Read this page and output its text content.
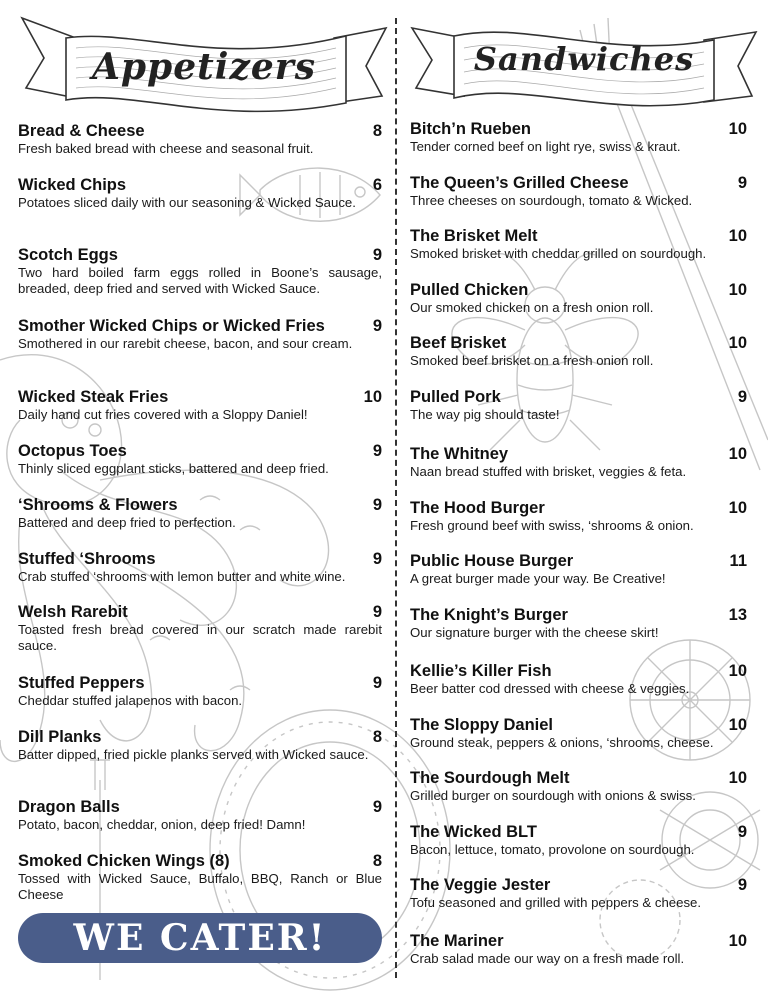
Appetizers	Sandwiches
Bread & Cheese	8
Fresh baked bread with cheese and seasonal fruit.
Wicked Chips	6
Potatoes sliced daily with our seasoning & Wicked Sauce.
Scotch Eggs	9
Two hard boiled farm eggs rolled in Boone’s sausage, breaded, deep fried and served with Wicked Sauce.
Smother Wicked Chips or Wicked Fries	9
Smothered in our rarebit cheese, bacon, and sour cream.
Wicked Steak Fries	10
Daily hand cut fries covered with a Sloppy Daniel!
Octopus Toes	9
Thinly sliced eggplant sticks, battered and deep fried.
‘Shrooms & Flowers	9
Battered and deep fried to perfection.
Stuffed ‘Shrooms	9
Crab stuffed ‘shrooms with lemon butter and white wine.
Welsh Rarebit	9
Toasted fresh bread covered in our scratch made rarebit sauce.
Stuffed Peppers	9
Cheddar stuffed jalapenos with bacon.
Dill Planks	8
Batter dipped, fried pickle planks served with Wicked sauce.
Dragon Balls	9
Potato, bacon, cheddar, onion, deep fried! Damn!
Smoked Chicken Wings (8)	8
Tossed with Wicked Sauce, Buffalo, BBQ, Ranch or Blue Cheese
Bitch’n Rueben	10
Tender corned beef on light rye, swiss & kraut.
The Queen’s Grilled Cheese	9
Three cheeses on sourdough, tomato & Wicked.
The Brisket Melt	10
Smoked brisket with cheddar grilled on sourdough.
Pulled Chicken	10
Our smoked chicken on a fresh onion roll.
Beef Brisket	10
Smoked beef brisket on a fresh onion roll.
Pulled Pork	9
The way pig should taste!
The Whitney	10
Naan bread stuffed with brisket, veggies & feta.
The Hood Burger	10
Fresh ground beef with swiss, ‘shrooms & onion.
Public House Burger	11
A great burger made your way. Be Creative!
The Knight’s Burger	13
Our signature burger with the cheese skirt!
Kellie’s Killer Fish	10
Beer batter cod dressed with cheese & veggies.
The Sloppy Daniel	10
Ground steak, peppers & onions, ‘shrooms, cheese.
The Sourdough Melt	10
Grilled burger on sourdough with onions & swiss.
The Wicked BLT	9
Bacon, lettuce, tomato, provolone on sourdough.
The Veggie Jester	9
Tofu seasoned and grilled with peppers & cheese.
The Mariner	10
Crab salad made our way on a fresh made roll.
WE CATER!
